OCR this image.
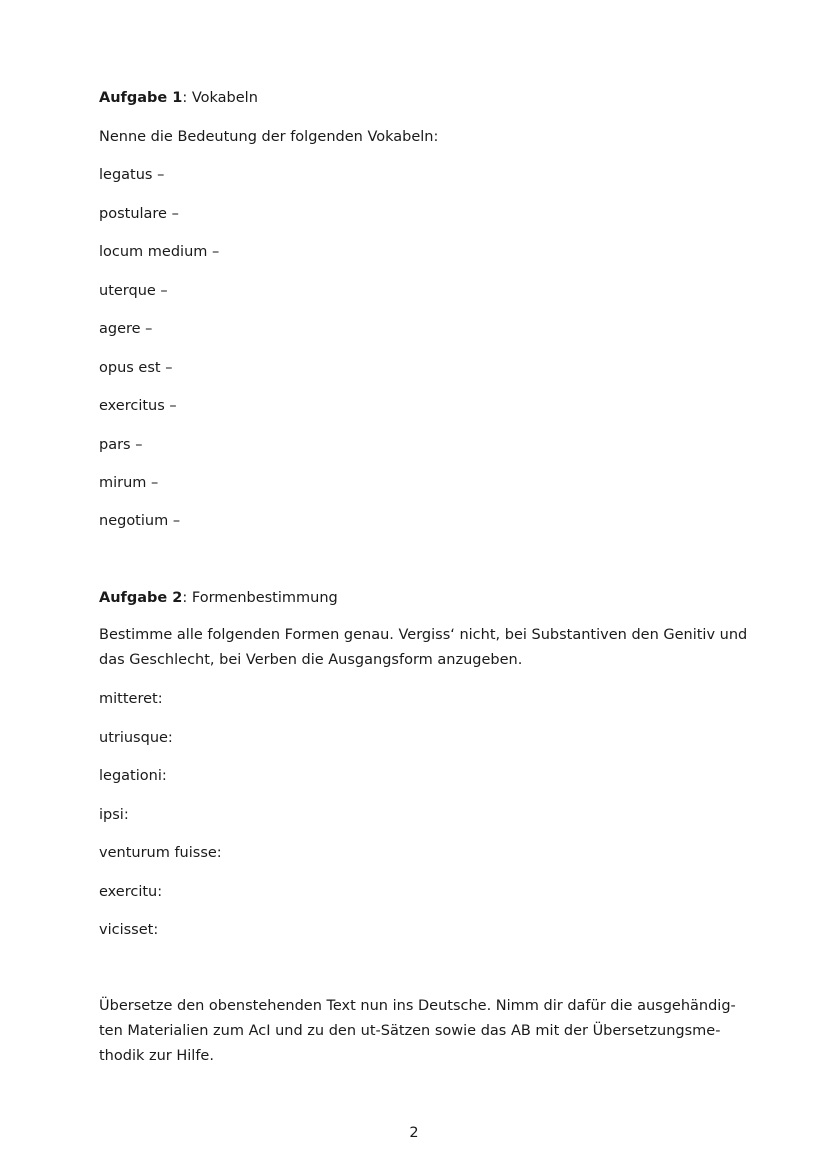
Aufgabe 1: Vokabeln
Nenne die Bedeutung der folgenden Vokabeln:
legatus –
postulare –
locum medium –
uterque –
agere –
opus est –
exercitus –
pars –
mirum –
negotium –
Aufgabe 2: Formenbestimmung
Bestimme alle folgenden Formen genau. Vergiss‘ nicht, bei Substantiven den Genitiv und
das Geschlecht, bei Verben die Ausgangsform anzugeben.
mitteret:
utriusque:
legationi:
ipsi:
venturum fuisse:
exercitu:
vicisset:
Übersetze den obenstehenden Text nun ins Deutsche. Nimm dir dafür die ausgehändig-
ten Materialien zum AcI und zu den ut-Sätzen sowie das AB mit der Übersetzungsme-
thodik zur Hilfe.
2
